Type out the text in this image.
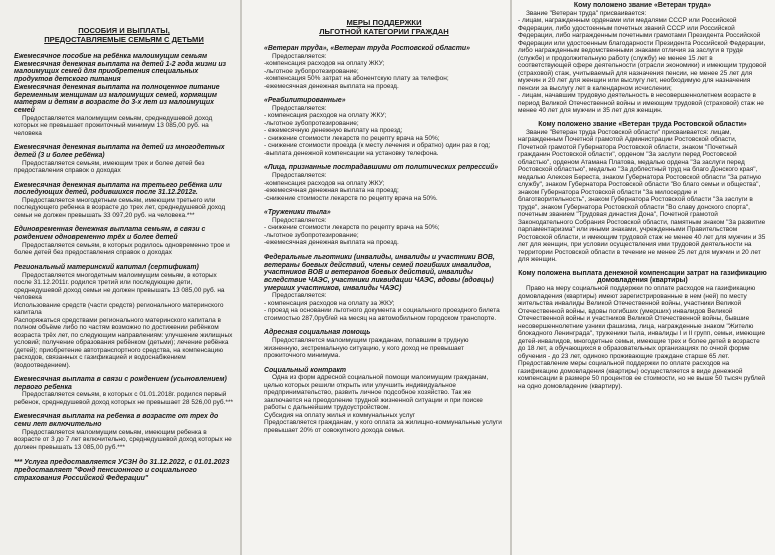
ПОСОБИЯ И ВЫПЛАТЫ,
ПРЕДОСТАВЛЯЕМЫЕ СЕМЬЯМ С ДЕТЬМИ

Ежемесячное пособие на ребёнка малоимущим семьям
Ежемесячная денежная выплата на детей 1-2 года жизни из малоимущих семей для приобретения специальных продуктов детского питания
Ежемесячная денежная выплата на полноценное питание беременным женщинам из малоимущих семей, кормящим матерям и детям в возрасте до 3-х лет из малоимущих семей

Предоставляется малоимущим семьям, среднедушевой доход которых не превышает прожиточный минимум 13 085,00 руб. на человека

Ежемесячная денежная выплата на детей из многодетных детей (3 и более ребёнка)

Предоставляется семьям, имеющим трех и более детей без предоставления справок о доходах

Ежемесячная денежная выплата на третьего ребёнка или последующих детей, родившихся после 31.12.2012г.

Предоставляется многодетным семьям, имеющим третьего или последующего ребенка в возрасте до трех лет, среднедушевой доход семьи не должен превышать 33 097,20 руб. на человека.***

Единовременная денежная выплата семьям, в связи с рождением одновременно трёх и более детей

Предоставляется семьям, в которых родилось одновременно трое и более детей без предоставления справок о доходах

Региональный материнский капитал (сертификат)

Предоставляется многодетным малоимущим семьям, в которых после 31.12.2011г. родился третий или последующие дети, среднедушевой доход семьи не должен превышать 13 085,00 руб. на человека
Использование средств (части средств) регионального материнского капитала
Распоряжаться средствами регионального материнского капитала в полном объёме либо по частям возможно по достижении ребёнком возраста трёх лет, по следующим направлениям: улучшение жилищных условий; получение образования ребёнком (детьми); лечение ребёнка (детей); приобретение автотранспортного средства, на компенсацию расходов, связанных с газификацией и водоснабжением (водоотведением).

Ежемесячная выплата в связи с рождением (усыновлением) первого ребенка

Предоставляется семьям, в которых с 01.01.2018г. родился первый ребенок, среднедушевой доход которых не превышает 28 526,00 руб.***

Ежемесячная выплата на ребенка в возрасте от трех до семи лет включительно

Предоставляется малоимущим семьям, имеющим ребенка в возрасте от 3 до 7 лет включительно, среднедушевой доход которых не должен превышать 13 085,00 руб.***

*** Услуга предоставляется УСЗН до 31.12.2022, с 01.01.2023 предоставляет "Фонд пенсионного и социального страхования Российской Федерации"

МЕРЫ ПОДДЕРЖКИ
ЛЬГОТНОЙ КАТЕГОРИИ ГРАЖДАН

«Ветеран труда», «Ветеран труда Ростовской области»

Предоставляется:
-компенсация расходов на оплату ЖКУ;
-льготное зубопротезирование;
-компенсация 50% затрат на абонентскую плату за телефон;
-ежемесячная денежная выплата на проезд.

«Реабилитированные»

Предоставляется:
- компенсация расходов на оплату ЖКУ;
-льготное зубопротезирование;
- ежемесячную денежную выплату на проезд;
- снижение стоимости лекарств по рецепту врача на 50%;
- снижение стоимости проезда (к месту лечения и обратно) один раз в год;
-выплата денежной компенсации на установку телефона.

«Лица, признанные пострадавшими от политических репрессий»

Предоставляется:
-компенсация расходов на оплату ЖКУ;
-ежемесячная денежная выплата на проезд;
-снижение стоимости лекарств по рецепту врача на 50%.

«Труженики тыла»

Предоставляется:
- снижение стоимости лекарств по рецепту врача на 50%;
-льготное зубопротезирование;
-ежемесячная денежная выплата на проезд.

Федеральные льготники (инвалиды, инвалиды и участники ВОВ, ветераны боевых действий, члены семей погибших инвалидов, участников ВОВ и ветеранов боевых действий, инвалиды вследствие ЧАЭС, участники ликвидации ЧАЭС, вдовы (вдовцы) умерших участников, инвалиды ЧАЭС)

Предоставляется:
- компенсация расходов на оплату за ЖКУ;
- проезд на основании льготного документа и социального проездного билета стоимостью 287,0руб/ей на месяц на автомобильном городском транспорте.

Адресная социальная помощь

Предоставляется малоимущим гражданам, попавшим в трудную жизненную, экстремальную ситуацию, у кого доход не превышает прожиточного минимума.

Социальный контракт

Одна из форм адресной социальной помощи малоимущим гражданам, целью которых решили открыть или улучшить индивидуальное предпринимательство, развить личное подсобное хозяйство. Так же заключается на преодоление трудной жизненной ситуации и при поиске работы с дальнейшим трудоустройством.
Субсидия на оплату жилья и коммунальных услуг
Предоставляется гражданам, у кого оплата за жилищно-коммунальные услуги превышает 20% от совокупного дохода семьи.

Кому положено звание «Ветеран труда»

Звание "Ветеран труда" присваивается:
- лицам, награжденным орденами или медалями СССР или Российской Федерации, либо удостоенным почетных званий СССР или Российской Федерации, либо награжденным почетными грамотами Президента Российской Федерации или удостоенным благодарности Президента Российской Федерации, либо награжденным ведомственными знаками отличия за заслуги в труде (службе) и продолжительную работу (службу) не менее 15 лет в соответствующей сфере деятельности (отрасли экономики) и имеющим трудовой (страховой) стаж, учитываемый для назначения пенсии, не менее 25 лет для мужчин и 20 лет для женщин или выслугу лет, необходимую для назначения пенсии за выслугу лет в календарном исчислении;
- лицам, начавшим трудовую деятельность в несовершеннолетнем возрасте в период Великой Отечественной войны и имеющим трудовой (страховой) стаж не менее 40 лет для мужчин и 35 лет для женщин.

Кому положено звание «Ветеран труда Ростовской области»

Звание "Ветеран труда Ростовской области" присваивается: лицам, награжденным Почетной грамотой Администрации Ростовской области, Почетной грамотой Губернатора Ростовской области, знаком "Почетный гражданин Ростовской области", орденом "За заслуги перед Ростовской областью", орденом Атамана Платова, медалью ордена "За заслуги перед Ростовской областью", медалью "За доблестный труд на благо Донского края", медалью Алексея Береста, знаком Губернатора Ростовской области "За ратную службу", знаком Губернатора Ростовской области "Во благо семьи и общества", знаком Губернатора Ростовской области "За милосердие и благотворительность", знаком Губернатора Ростовской области "За заслуги в труде", знаком Губернатора Ростовской области "Во славу донского спорта", почетным званием "Трудовая династия Дона", Почетной грамотой Законодательного Собрания Ростовской области, памятным знаком "За развитие парламентаризма" или иными знаками, учрежденными Правительством Ростовской области, и имеющим трудовой стаж не менее 40 лет для мужчин и 35 лет для женщин, при условии осуществления ими трудовой деятельности на территории Ростовской области в течение не менее 25 лет для мужчин и 20 лет для женщин.

Кому положена выплата денежной компенсации затрат на газификацию домовладения (квартиры)

Право на меру социальной поддержки по оплате расходов на газификацию домовладения (квартиры) имеют зарегистрированные в нем (ней) по месту жительства инвалиды Великой Отечественной войны, участники Великой Отечественной войны, вдовы погибших (умерших) инвалидов Великой Отечественной войны и участников Великой Отечественной войны, бывшие несовершеннолетние узники фашизма, лица, награжденные знаком "Жителю блокадного Ленинграда", труженики тыла, инвалиды I и II групп, семьи, имеющие детей-инвалидов, многодетные семьи, имеющие трех и более детей в возрасте до 18 лет, а обучающихся в образовательных организациях по очной форме обучения - до 23 лет, одиноко проживающие граждане старше 65 лет.
Предоставление меры социальной поддержки по оплате расходов на газификацию домовладения (квартиры) осуществляется в виде денежной компенсации в размере 50 процентов ее стоимости, но не выше 50 тысяч рублей на одно домовладение (квартиру).
